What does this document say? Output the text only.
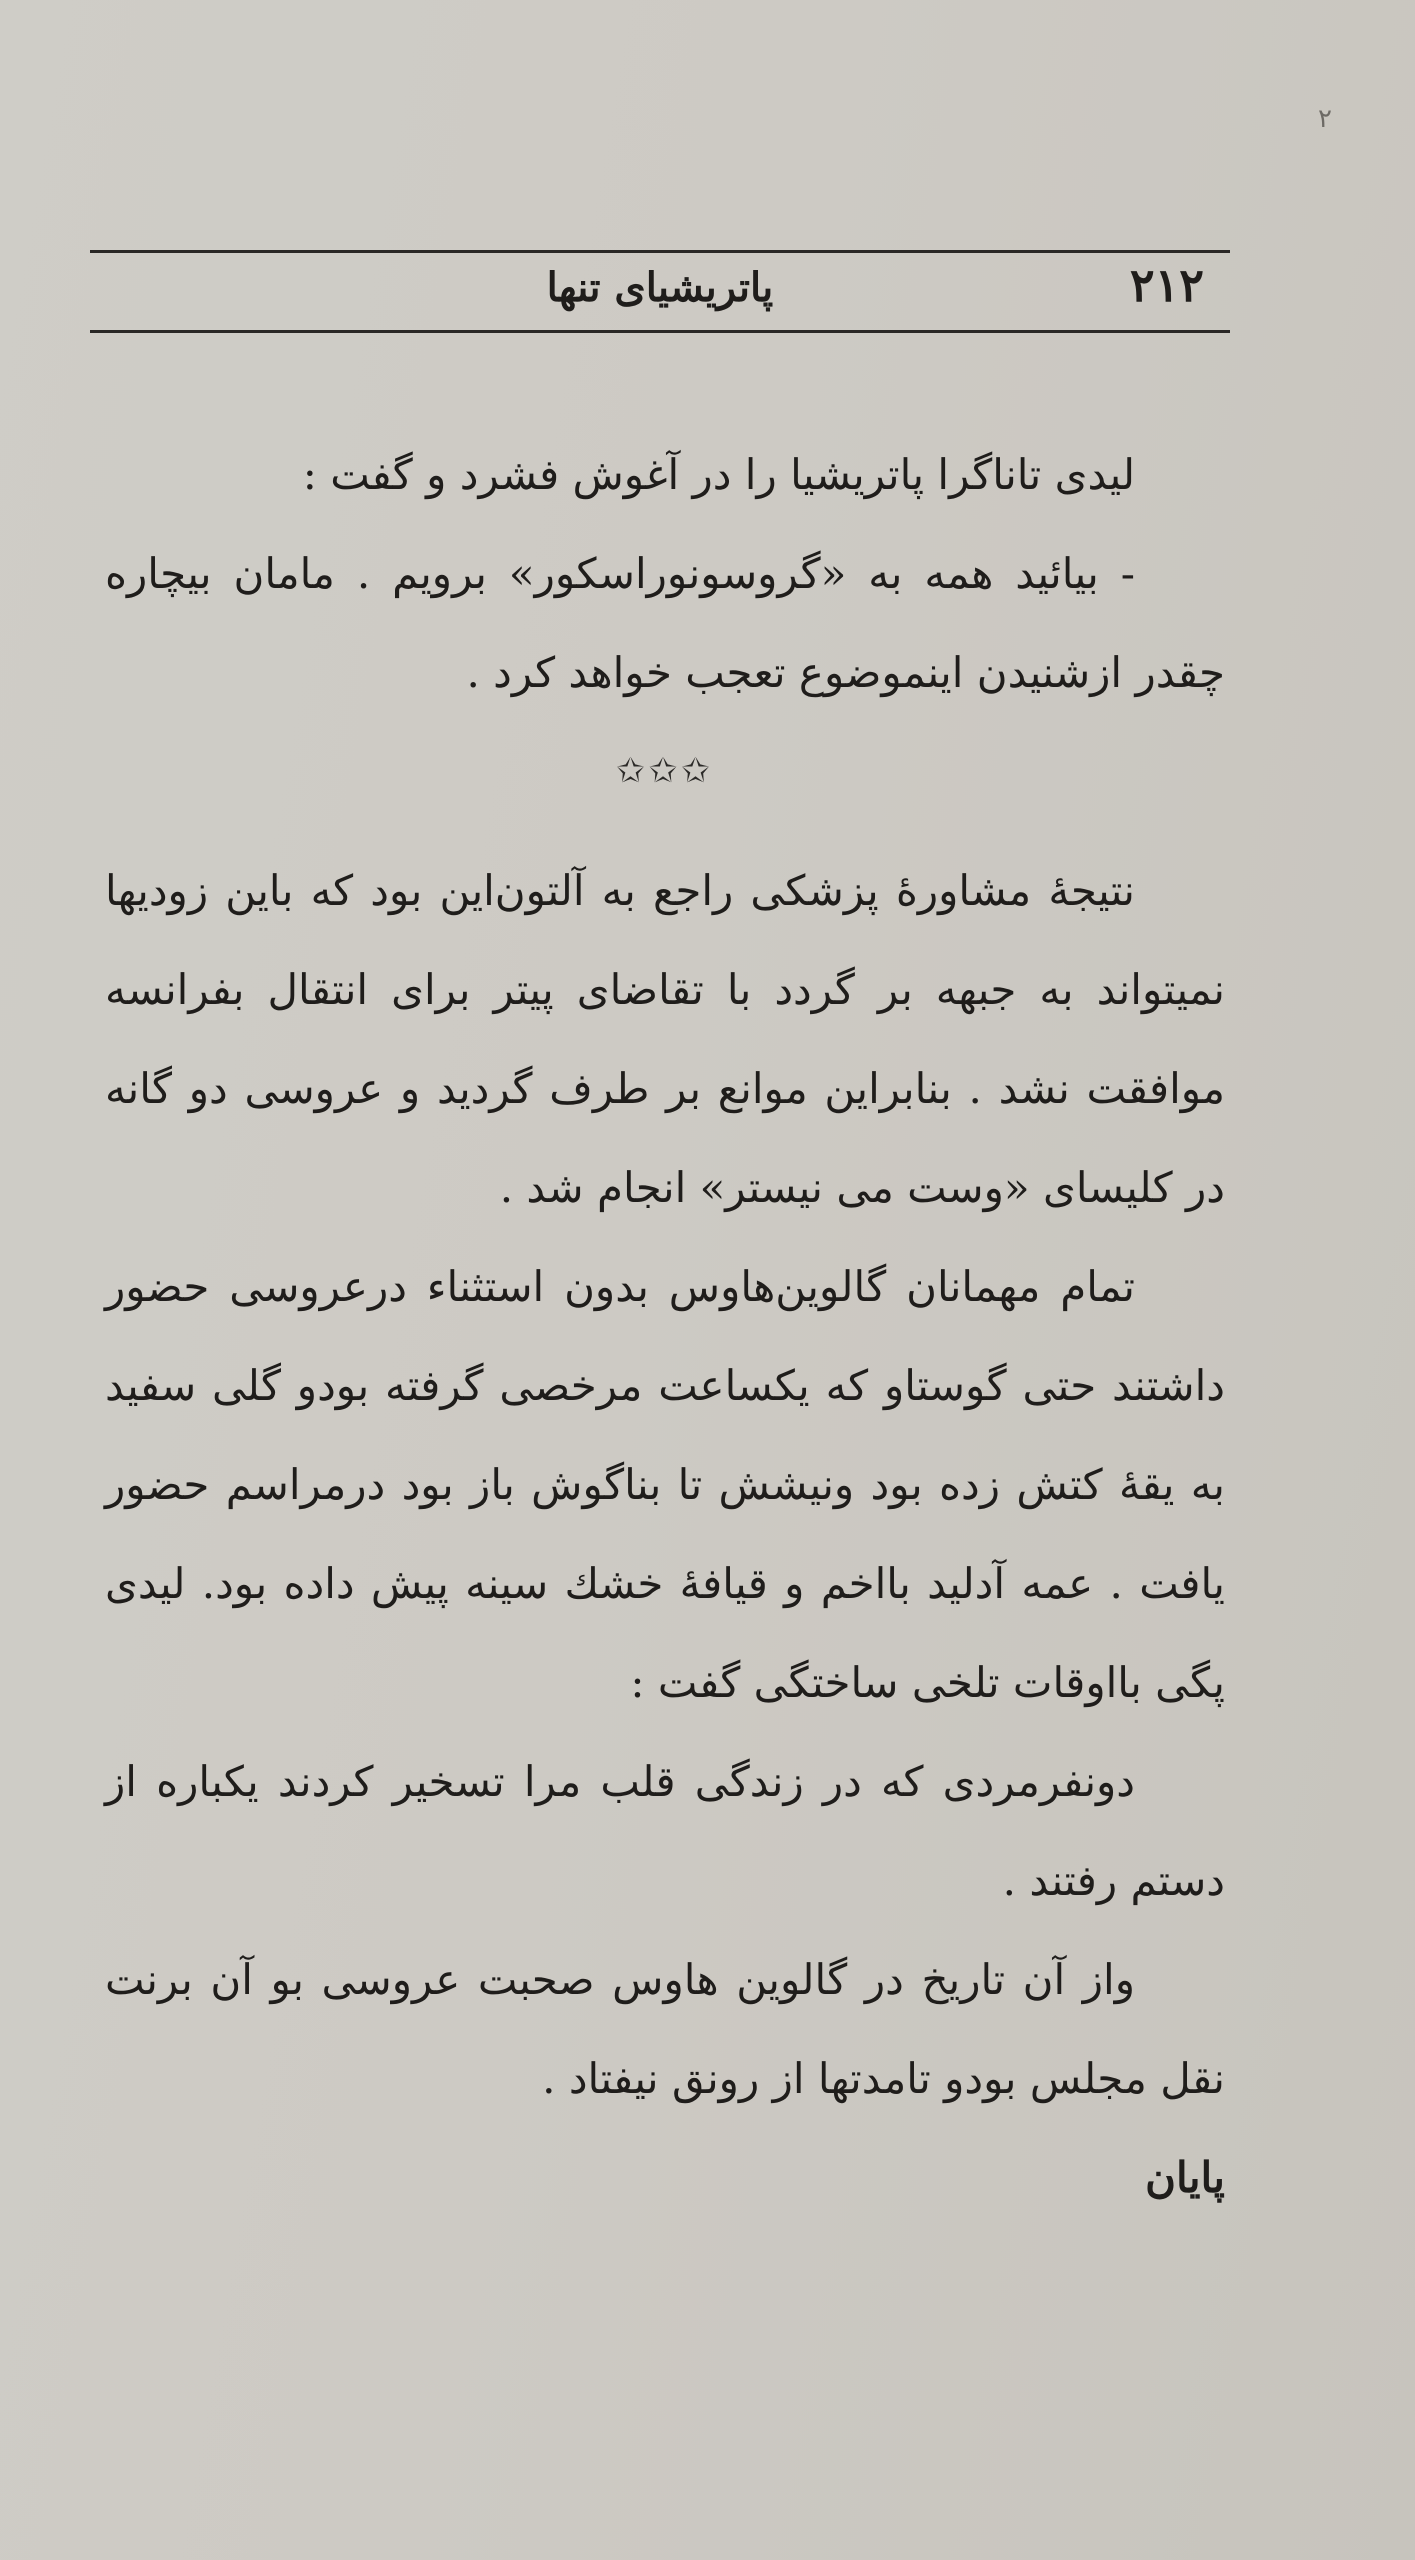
٢
۲۱۲
پاتریشیای تنها

لیدی تاناگرا پاتریشیا را در آغوش فشرد و گفت :

- بیائید همه به «گروسونوراسکور» برویم . مامان بیچاره چقدر ازشنیدن اینموضوع تعجب خواهد کرد .

✩✩✩

نتیجهٔ مشاورهٔ پزشکی راجع به آلتون‌این بود که باین زودیها نمیتواند به جبهه بر گردد با تقاضای پیتر برای انتقال بفرانسه موافقت نشد . بنابراین موانع بر طرف گردید و عروسی دو گانه در کلیسای «وست می نیستر» انجام شد .

تمام مهمانان گالوین‌هاوس بدون استثناء درعروسی حضور داشتند حتی گوستاو که یکساعت مرخصی گرفته بودو گلی سفید به یقهٔ کتش زده بود ونیشش تا بناگوش باز بود درمراسم حضور یافت . عمه آدلید بااخم و قیافهٔ خشك سینه پیش داده بود. لیدی پگی بااوقات تلخی ساختگی گفت :

دونفرمردی که در زندگی قلب مرا تسخیر کردند یکباره از دستم رفتند .

واز آن تاریخ در گالوین هاوس صحبت عروسی بو آن برنت نقل مجلس بودو تامدتها از رونق نیفتاد .

پایان
